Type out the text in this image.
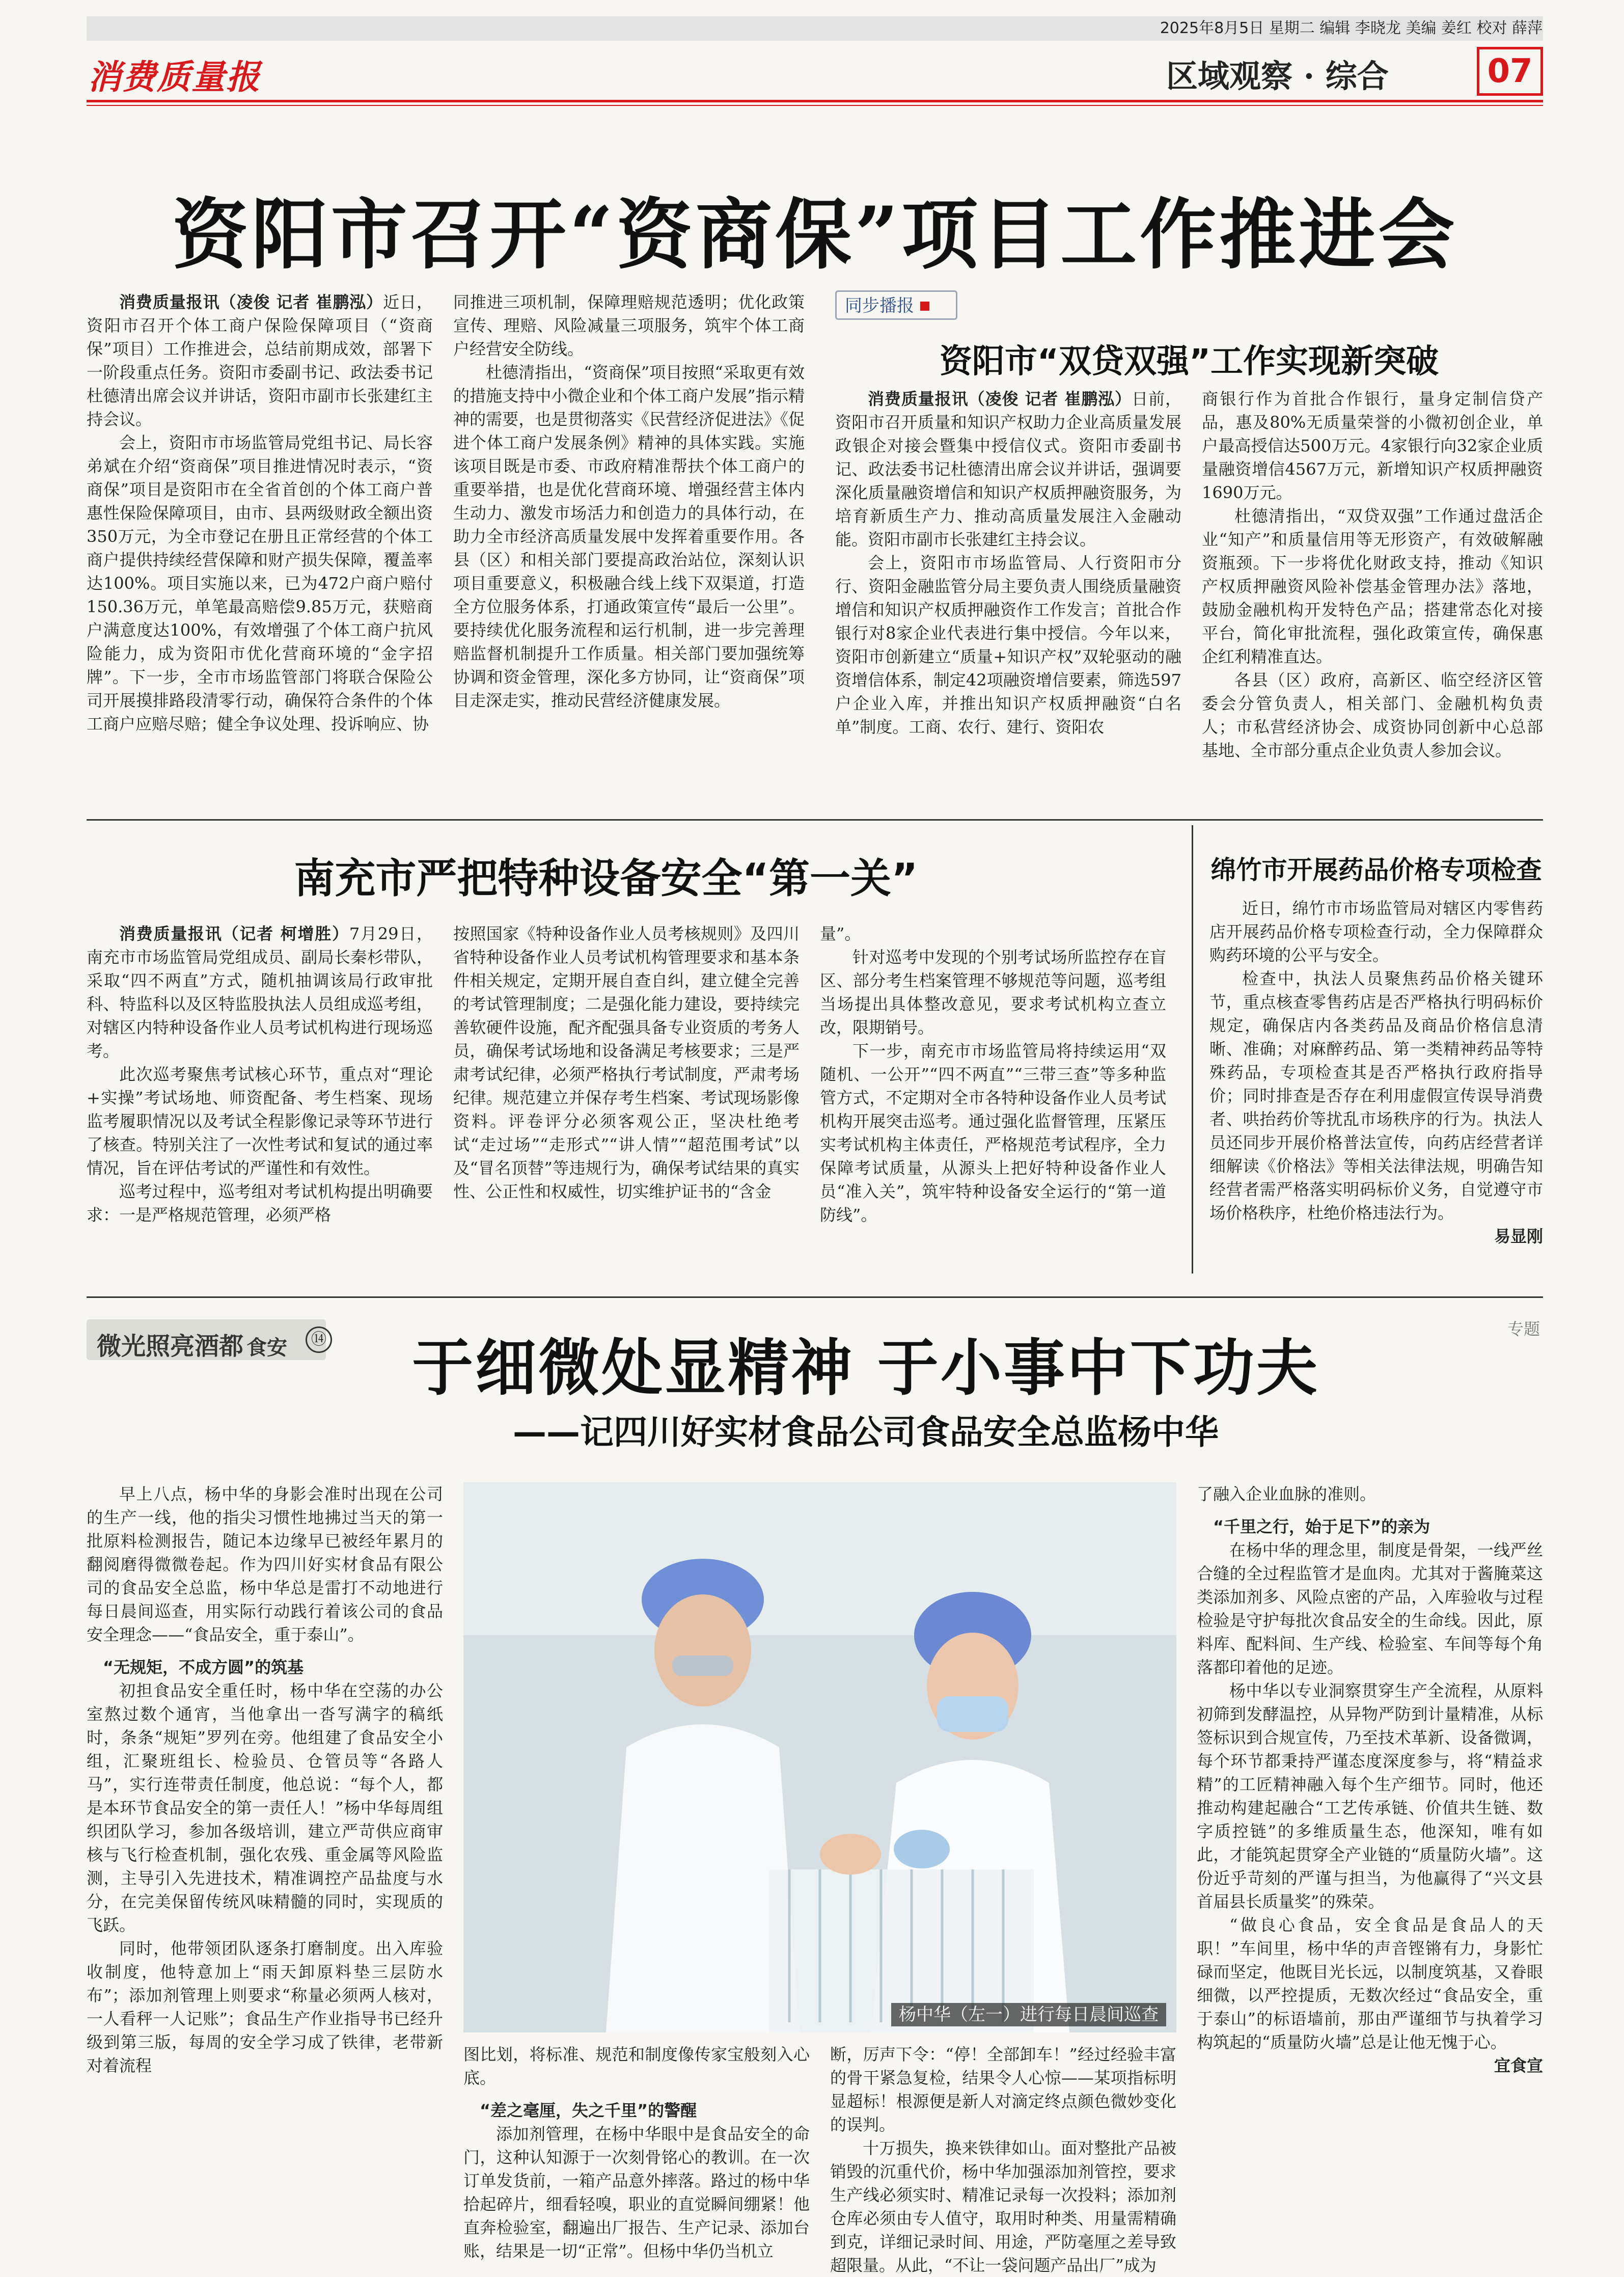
2025年8月5日 星期二 编辑 李晓龙 美编 姜红 校对 薛萍
消费质量报	区域观察 · 综合	07
资阳市召开“资商保”项目工作推进会

消费质量报讯（凌俊 记者 崔鹏泓）近日，资阳市召开个体工商户保险保障项目（“资商保”项目）工作推进会，总结前期成效，部署下一阶段重点任务。资阳市委副书记、政法委书记杜德清出席会议并讲话，资阳市副市长张建红主持会议。

会上，资阳市市场监管局党组书记、局长容弟斌在介绍“资商保”项目推进情况时表示，“资商保”项目是资阳市在全省首创的个体工商户普惠性保险保障项目，由市、县两级财政全额出资350万元，为全市登记在册且正常经营的个体工商户提供持续经营保障和财产损失保障，覆盖率达100%。项目实施以来，已为472户商户赔付150.36万元，单笔最高赔偿9.85万元，获赔商户满意度达100%，有效增强了个体工商户抗风险能力，成为资阳市优化营商环境的“金字招牌”。下一步，全市市场监管部门将联合保险公司开展摸排路段清零行动，确保符合条件的个体工商户应赔尽赔；健全争议处理、投诉响应、协

同推进三项机制，保障理赔规范透明；优化政策宣传、理赔、风险减量三项服务，筑牢个体工商户经营安全防线。

杜德清指出，“资商保”项目按照“采取更有效的措施支持中小微企业和个体工商户发展”指示精神的需要，也是贯彻落实《民营经济促进法》《促进个体工商户发展条例》精神的具体实践。实施该项目既是市委、市政府精准帮扶个体工商户的重要举措，也是优化营商环境、增强经营主体内生动力、激发市场活力和创造力的具体行动，在助力全市经济高质量发展中发挥着重要作用。各县（区）和相关部门要提高政治站位，深刻认识项目重要意义，积极融合线上线下双渠道，打造全方位服务体系，打通政策宣传“最后一公里”。要持续优化服务流程和运行机制，进一步完善理赔监督机制提升工作质量。相关部门要加强统筹协调和资金管理，深化多方协同，让“资商保”项目走深走实，推动民营经济健康发展。

同步播报
资阳市“双贷双强”工作实现新突破

消费质量报讯（凌俊 记者 崔鹏泓）日前，资阳市召开质量和知识产权助力企业高质量发展政银企对接会暨集中授信仪式。资阳市委副书记、政法委书记杜德清出席会议并讲话，强调要深化质量融资增信和知识产权质押融资服务，为培育新质生产力、推动高质量发展注入金融动能。资阳市副市长张建红主持会议。

会上，资阳市市场监管局、人行资阳市分行、资阳金融监管分局主要负责人围绕质量融资增信和知识产权质押融资作工作发言；首批合作银行对8家企业代表进行集中授信。今年以来，资阳市创新建立“质量+知识产权”双轮驱动的融资增信体系，制定42项融资增信要素，筛选597户企业入库，并推出知识产权质押融资“白名单”制度。工商、农行、建行、资阳农

商银行作为首批合作银行，量身定制信贷产品，惠及80%无质量荣誉的小微初创企业，单户最高授信达500万元。4家银行向32家企业质量融资增信4567万元，新增知识产权质押融资1690万元。

杜德清指出，“双贷双强”工作通过盘活企业“知产”和质量信用等无形资产，有效破解融资瓶颈。下一步将优化财政支持，推动《知识产权质押融资风险补偿基金管理办法》落地，鼓励金融机构开发特色产品；搭建常态化对接平台，简化审批流程，强化政策宣传，确保惠企红利精准直达。

各县（区）政府，高新区、临空经济区管委会分管负责人，相关部门、金融机构负责人；市私营经济协会、成资协同创新中心总部基地、全市部分重点企业负责人参加会议。

南充市严把特种设备安全“第一关”

消费质量报讯（记者 柯增胜）7月29日，南充市市场监管局党组成员、副局长秦杉带队，采取“四不两直”方式，随机抽调该局行政审批科、特监科以及区特监股执法人员组成巡考组，对辖区内特种设备作业人员考试机构进行现场巡考。

此次巡考聚焦考试核心环节，重点对“理论+实操”考试场地、师资配备、考生档案、现场监考履职情况以及考试全程影像记录等环节进行了核查。特别关注了一次性考试和复试的通过率情况，旨在评估考试的严谨性和有效性。

巡考过程中，巡考组对考试机构提出明确要求：一是严格规范管理，必须严格

按照国家《特种设备作业人员考核规则》及四川省特种设备作业人员考试机构管理要求和基本条件相关规定，定期开展自查自纠，建立健全完善的考试管理制度；二是强化能力建设，要持续完善软硬件设施，配齐配强具备专业资质的考务人员，确保考试场地和设备满足考核要求；三是严肃考试纪律，必须严格执行考试制度，严肃考场纪律。规范建立并保存考生档案、考试现场影像资料。评卷评分必须客观公正，坚决杜绝考试“走过场”“走形式”“讲人情”“超范围考试”以及“冒名顶替”等违规行为，确保考试结果的真实性、公正性和权威性，切实维护证书的“含金

量”。

针对巡考中发现的个别考试场所监控存在盲区、部分考生档案管理不够规范等问题，巡考组当场提出具体整改意见，要求考试机构立查立改，限期销号。

下一步，南充市市场监管局将持续运用“双随机、一公开”“四不两直”“三带三查”等多种监管方式，不定期对全市各特种设备作业人员考试机构开展突击巡考。通过强化监督管理，压紧压实考试机构主体责任，严格规范考试程序，全力保障考试质量，从源头上把好特种设备作业人员“准入关”，筑牢特种设备安全运行的“第一道防线”。

绵竹市开展药品价格专项检查

近日，绵竹市市场监管局对辖区内零售药店开展药品价格专项检查行动，全力保障群众购药环境的公平与安全。

检查中，执法人员聚焦药品价格关键环节，重点核查零售药店是否严格执行明码标价规定，确保店内各类药品及商品价格信息清晰、准确；对麻醉药品、第一类精神药品等特殊药品，专项检查其是否严格执行政府指导价；同时排查是否存在利用虚假宣传误导消费者、哄抬药价等扰乱市场秩序的行为。执法人员还同步开展价格普法宣传，向药店经营者详细解读《价格法》等相关法律法规，明确告知经营者需严格落实明码标价义务，自觉遵守市场价格秩序，杜绝价格违法行为。

易显刚

微光照亮酒都 食安	⑭
专题
于细微处显精神 于小事中下功夫
——记四川好实材食品公司食品安全总监杨中华

早上八点，杨中华的身影会准时出现在公司的生产一线，他的指尖习惯性地拂过当天的第一批原料检测报告，随记本边缘早已被经年累月的翻阅磨得微微卷起。作为四川好实材食品有限公司的食品安全总监，杨中华总是雷打不动地进行每日晨间巡查，用实际行动践行着该公司的食品安全理念——“食品安全，重于泰山”。

“无规矩，不成方圆”的筑基

初担食品安全重任时，杨中华在空荡的办公室熬过数个通宵，当他拿出一沓写满字的稿纸时，条条“规矩”罗列在旁。他组建了食品安全小组，汇聚班组长、检验员、仓管员等“各路人马”，实行连带责任制度，他总说：“每个人，都是本环节食品安全的第一责任人！”杨中华每周组织团队学习，参加各级培训，建立严苛供应商审核与飞行检查机制，强化农残、重金属等风险监测，主导引入先进技术，精准调控产品盐度与水分，在完美保留传统风味精髓的同时，实现质的飞跃。

同时，他带领团队逐条打磨制度。出入库验收制度，他特意加上“雨天卸原料垫三层防水布”；添加剂管理上则要求“称量必须两人核对，一人看秤一人记账”；食品生产作业指导书已经升级到第三版，每周的安全学习成了铁律，老带新对着流程

杨中华（左一）进行每日晨间巡查

图比划，将标准、规范和制度像传家宝般刻入心底。

“差之毫厘，失之千里”的警醒

添加剂管理，在杨中华眼中是食品安全的命门，这种认知源于一次刻骨铭心的教训。在一次订单发货前，一箱产品意外摔落。路过的杨中华拾起碎片，细看轻嗅，职业的直觉瞬间绷紧！他直奔检验室，翻遍出厂报告、生产记录、添加台账，结果是一切“正常”。但杨中华仍当机立

断，厉声下令：“停！全部卸车！”经过经验丰富的骨干紧急复检，结果令人心惊——某项指标明显超标！根源便是新人对滴定终点颜色微妙变化的误判。

十万损失，换来铁律如山。面对整批产品被销毁的沉重代价，杨中华加强添加剂管控，要求生产线必须实时、精准记录每一次投料；添加剂仓库必须由专人值守，取用时种类、用量需精确到克，详细记录时间、用途，严防毫厘之差导致超限量。从此，“不让一袋问题产品出厂”成为

了融入企业血脉的准则。

“千里之行，始于足下”的亲为

在杨中华的理念里，制度是骨架，一线严丝合缝的全过程监管才是血肉。尤其对于酱腌菜这类添加剂多、风险点密的产品，入库验收与过程检验是守护每批次食品安全的生命线。因此，原料库、配料间、生产线、检验室、车间等每个角落都印着他的足迹。

杨中华以专业洞察贯穿生产全流程，从原料初筛到发酵温控，从异物严防到计量精准，从标签标识到合规宣传，乃至技术革新、设备微调，每个环节都秉持严谨态度深度参与，将“精益求精”的工匠精神融入每个生产细节。同时，他还推动构建起融合“工艺传承链、价值共生链、数字质控链”的多维质量生态，他深知，唯有如此，才能筑起贯穿全产业链的“质量防火墙”。这份近乎苛刻的严谨与担当，为他赢得了“兴文县首届县长质量奖”的殊荣。

“做良心食品，安全食品是食品人的天职！”车间里，杨中华的声音铿锵有力，身影忙碌而坚定，他既目光长远，以制度筑基，又眷眼细微，以严控提质，无数次经过“食品安全，重于泰山”的标语墙前，那由严谨细节与执着学习构筑起的“质量防火墙”总是让他无愧于心。

宜食宣
